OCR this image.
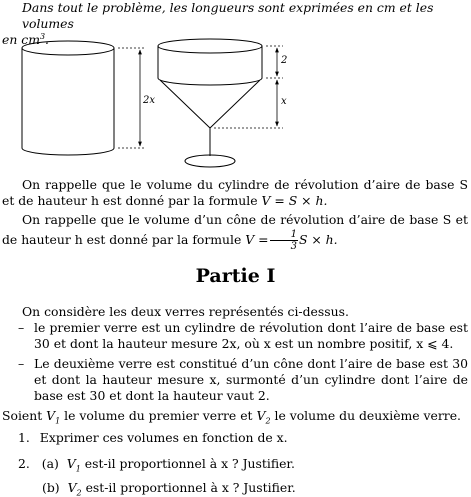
Dans tout le problème, les longueurs sont exprimées en cm et les volumes
en $cm^3$.
2x
2
x
On rappelle que le volume du cylindre de révolution d’aire de base S et de hauteur h est donné par la formule V = S × h.
On rappelle que le volume d’un cône de révolution d’aire de base S et de hauteur h est donné par la formule $V = \frac{1}{3}$ S × h.
Partie I
On considère les deux verres représentés ci-dessus.
– le premier verre est un cylindre de révolution dont l’aire de base est 30 et dont la hauteur mesure 2x, où x est un nombre positif, x ⩽ 4.
– Le deuxième verre est constitué d’un cône dont l’aire de base est 30 et dont la hauteur mesure x, surmonté d’un cylindre dont l’aire de base est 30 et dont la hauteur vaut 2.
Soient $V_1$ le volume du premier verre et $V_2$ le volume du deuxième verre.
1. Exprimer ces volumes en fonction de x.
2. (a) $V_1$ est-il proportionnel à x ? Justifier.
(b) $V_2$ est-il proportionnel à x ? Justifier.
